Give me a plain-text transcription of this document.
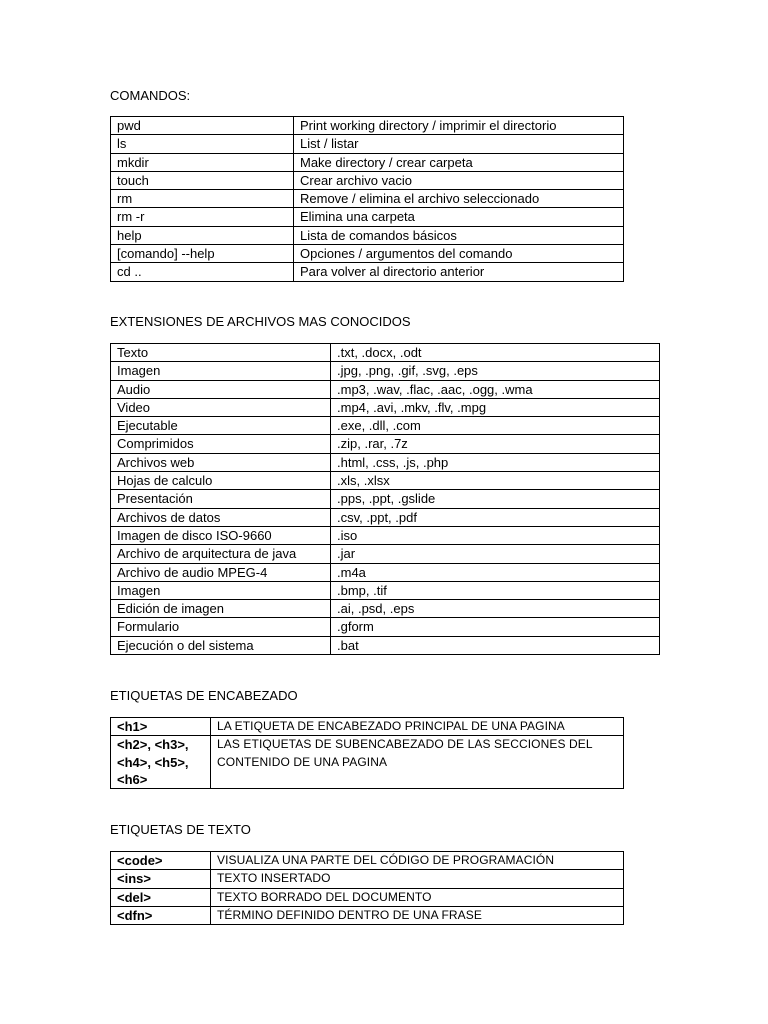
COMANDOS:

pwd	Print working directory / imprimir el directorio
ls	List / listar
mkdir	Make directory / crear carpeta
touch	Crear archivo vacio
rm	Remove / elimina el archivo seleccionado
rm -r	Elimina una carpeta
help	Lista de comandos básicos
[comando] --help	Opciones / argumentos del comando
cd ..	Para volver al directorio anterior

EXTENSIONES DE ARCHIVOS MAS CONOCIDOS

Texto	.txt, .docx, .odt
Imagen	.jpg, .png, .gif, .svg, .eps
Audio	.mp3, .wav, .flac, .aac, .ogg, .wma
Video	.mp4, .avi, .mkv, .flv, .mpg
Ejecutable	.exe, .dll, .com
Comprimidos	.zip, .rar, .7z
Archivos web	.html, .css, .js, .php
Hojas de calculo	.xls, .xlsx
Presentación	.pps, .ppt, .gslide
Archivos de datos	.csv, .ppt, .pdf
Imagen de disco ISO-9660	.iso
Archivo de arquitectura de java	.jar
Archivo de audio MPEG-4	.m4a
Imagen	.bmp, .tif
Edición de imagen	.ai, .psd, .eps
Formulario	.gform
Ejecución o del sistema	.bat

ETIQUETAS DE ENCABEZADO

<h1>	LA ETIQUETA DE ENCABEZADO PRINCIPAL DE UNA PAGINA
<h2>, <h3>, <h4>, <h5>, <h6>	LAS ETIQUETAS DE SUBENCABEZADO DE LAS SECCIONES DEL CONTENIDO DE UNA PAGINA

ETIQUETAS DE TEXTO

<code>	VISUALIZA UNA PARTE DEL CÓDIGO DE PROGRAMACIÓN
<ins>	TEXTO INSERTADO
<del>	TEXTO BORRADO DEL DOCUMENTO
<dfn>	TÉRMINO DEFINIDO DENTRO DE UNA FRASE
